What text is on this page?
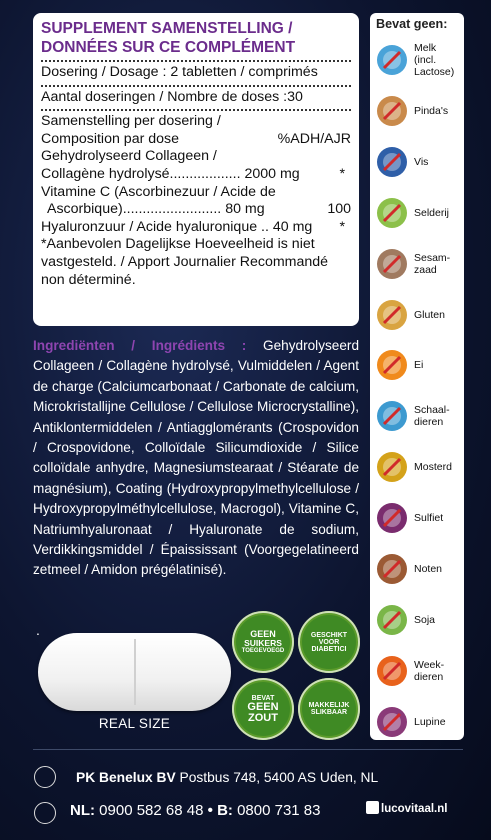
SUPPLEMENT SAMENSTELLING /
DONNÉES SUR CE COMPLÉMENT
Dosering / Dosage : 2 tabletten / comprimés
Aantal doseringen / Nombre de doses :30
Samenstelling per dosering /
Composition par dose	%ADH/AJR
Gehydrolyseerd Collageen /
Collagène hydrolysé.................. 2000 mg	*
Vitamine C (Ascorbinezuur / Acide de
Ascorbique)......................... 80 mg	100
Hyaluronzuur / Acide hyaluronique .. 40 mg *
*Aanbevolen Dagelijkse Hoeveelheid is niet
vastgesteld. / Apport Journalier Recommandé
non déterminé.
Ingrediënten / Ingrédients : Gehydrolyseerd Collageen / Collagène hydrolysé, Vulmiddelen / Agent de charge (Calciumcarbonaat / Carbonate de calcium, Microkristallijne Cellulose / Cellulose Microcrystalline), Antiklontermiddelen / Antiagglomérants (Crospovidon / Crospovidone, Colloïdale Silicumdioxide / Silice colloïdale anhydre, Magnesiumstearaat / Stéarate de magnésium), Coating (Hydroxypropylmethylcellulose / Hydroxypropylméthylcellulose, Macrogol), Vitamine C, Natriumhyaluronaat / Hyaluronate de sodium, Verdikkingsmiddel / Épaississant (Voorgegelatineerd zetmeel / Amidon prégélatinisé).
.
REAL SIZE
GEEN
SUIKERS
TOEGEVOEGD
GESCHIKT
VOOR
DIABETICI
BEVAT
GEEN
ZOUT
MAKKELIJK
SLIKBAAR
Bevat geen:
Melk
(incl.
Lactose)
Pinda's
Vis
Selderij
Sesam-
zaad
Gluten
Ei
Schaal-
dieren
Mosterd
Sulfiet
Noten
Soja
Week-
dieren
Lupine
PK Benelux BV Postbus 748, 5400 AS Uden, NL
NL: 0900 582 68 48 • B: 0800 731 83	lucovitaal.nl
